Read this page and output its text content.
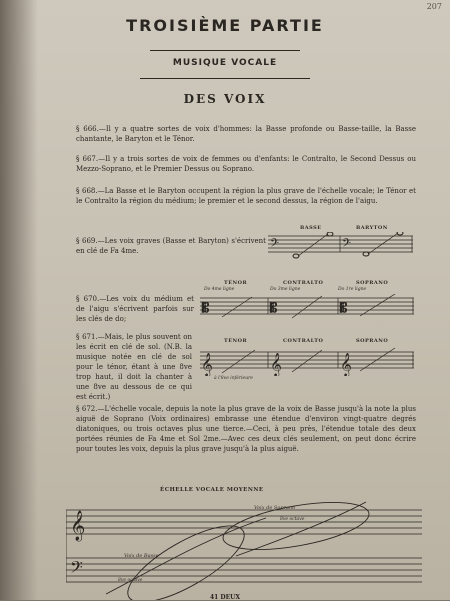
207
TROISIÈME PARTIE
MUSIQUE VOCALE
DES VOIX
§ 666.—Il y a quatre sortes de voix d'hommes: la Basse profonde ou Basse-taille, la Basse chantante, le Baryton et le Ténor.
§ 667.—Il y a trois sortes de voix de femmes ou d'enfants: le Contralto, le Second Dessus ou Mezzo-Soprano, et le Premier Dessus ou Soprano.
§ 668.—La Basse et le Baryton occupent la région la plus grave de l'échelle vocale; le Ténor et le Contralto la région du médium; le premier et le second dessus, la région de l'aigu.
§ 669.—Les voix graves (Basse et Baryton) s'écrivent en clé de Fa 4me.
BASSE	BARYTON
𝄢	𝄢
§ 670.—Les voix du médium et de l'aigu s'écrivent parfois sur les clés de do;
TÉNOR	CONTRALTO	SOPRANO
Do 4me ligne	Do 3me ligne	Do 1re ligne
𝄡	𝄡	𝄡
§ 671.—Mais, le plus souvent on les écrit en clé de sol. (N.B. la musique notée en clé de sol pour le ténor, étant à une 8ve trop haut, il doit la chanter à une 8ve au dessous de ce qui est écrit.)
TÉNOR	CONTRALTO	SOPRANO
𝄞	𝄞	𝄞
à l'8ve inférieure
§ 672.—L'échelle vocale, depuis la note la plus grave de la voix de Basse jusqu'à la note la plus aiguë de Soprano (Voix ordinaires) embrasse une étendue d'environ vingt-quatre degrés diatoniques, ou trois octaves plus une tierce.—Ceci, à peu près, l'étendue totale des deux portées réunies de Fa 4me et Sol 2me.—Avec ces deux clés seulement, on peut donc écrire pour toutes les voix, depuis la plus grave jusqu'à la plus aiguë.
ÉCHELLE VOCALE MOYENNE
𝄞
𝄢
Voix de Soprano
8ve octave
Voix de Basse
8ve octave
41 DEUX
